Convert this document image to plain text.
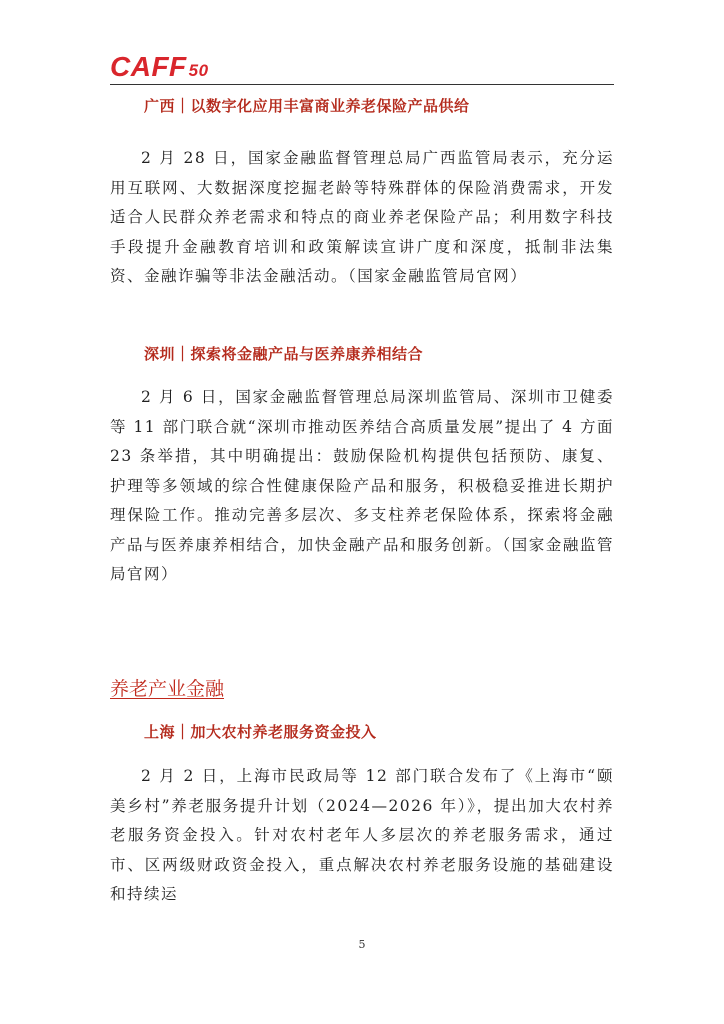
CAFF 50
广西｜以数字化应用丰富商业养老保险产品供给
2 月 28 日，国家金融监督管理总局广西监管局表示，充分运用互联网、大数据深度挖掘老龄等特殊群体的保险消费需求，开发适合人民群众养老需求和特点的商业养老保险产品；利用数字科技手段提升金融教育培训和政策解读宣讲广度和深度，抵制非法集资、金融诈骗等非法金融活动。（国家金融监管局官网）
深圳｜探索将金融产品与医养康养相结合
2 月 6 日，国家金融监督管理总局深圳监管局、深圳市卫健委等 11 部门联合就“深圳市推动医养结合高质量发展”提出了 4 方面 23 条举措，其中明确提出：鼓励保险机构提供包括预防、康复、护理等多领域的综合性健康保险产品和服务，积极稳妥推进长期护理保险工作。推动完善多层次、多支柱养老保险体系，探索将金融产品与医养康养相结合，加快金融产品和服务创新。（国家金融监管局官网）
养老产业金融
上海｜加大农村养老服务资金投入
2 月 2 日，上海市民政局等 12 部门联合发布了《上海市“颐美乡村”养老服务提升计划（2024—2026 年）》，提出加大农村养老服务资金投入。针对农村老年人多层次的养老服务需求，通过市、区两级财政资金投入，重点解决农村养老服务设施的基础建设和持续运
5
